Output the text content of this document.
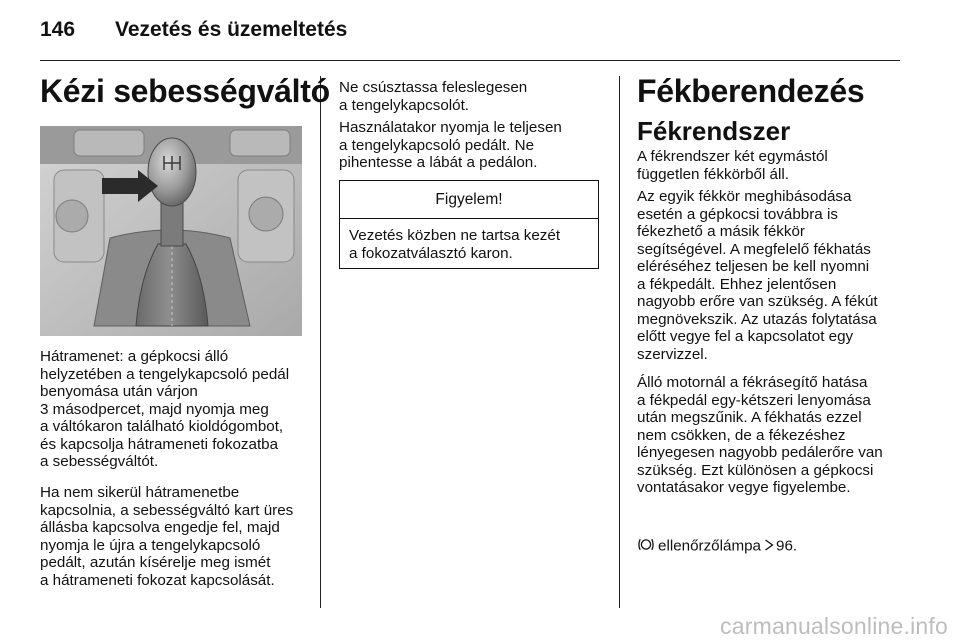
146 Vezetés és üzemeltetés
Kézi sebességváltó
Hátramenet: a gépkocsi álló
helyzetében a tengelykapcsoló pedál
benyomása után várjon
3 másodpercet, majd nyomja meg
a váltókaron található kioldógombot,
és kapcsolja hátrameneti fokozatba
a sebességváltót.
Ha nem sikerül hátramenetbe
kapcsolnia, a sebességváltó kart üres
állásba kapcsolva engedje fel, majd
nyomja le újra a tengelykapcsoló
pedált, azután kísérelje meg ismét
a hátrameneti fokozat kapcsolását.
Ne csúsztassa feleslegesen
a tengelykapcsolót.
Használatakor nyomja le teljesen
a tengelykapcsoló pedált. Ne
pihentesse a lábát a pedálon.
Figyelem!
Vezetés közben ne tartsa kezét
a fokozatválasztó karon.
Fékberendezés
Fékrendszer
A fékrendszer két egymástól
független fékkörből áll.
Az egyik fékkör meghibásodása
esetén a gépkocsi továbbra is
fékezhető a másik fékkör
segítségével. A megfelelő fékhatás
eléréséhez teljesen be kell nyomni
a fékpedált. Ehhez jelentősen
nagyobb erőre van szükség. A fékút
megnövekszik. Az utazás folytatása
előtt vegye fel a kapcsolatot egy
szervizzel.
Álló motornál a fékrásegítő hatása
a fékpedál egy-kétszeri lenyomása
után megszűnik. A fékhatás ezzel
nem csökken, de a fékezéshez
lényegesen nagyobb pedálerőre van
szükség. Ezt különösen a gépkocsi
vontatásakor vegye figyelembe.

ellenőrzőlámpa 96.

carmanualsonline.info
